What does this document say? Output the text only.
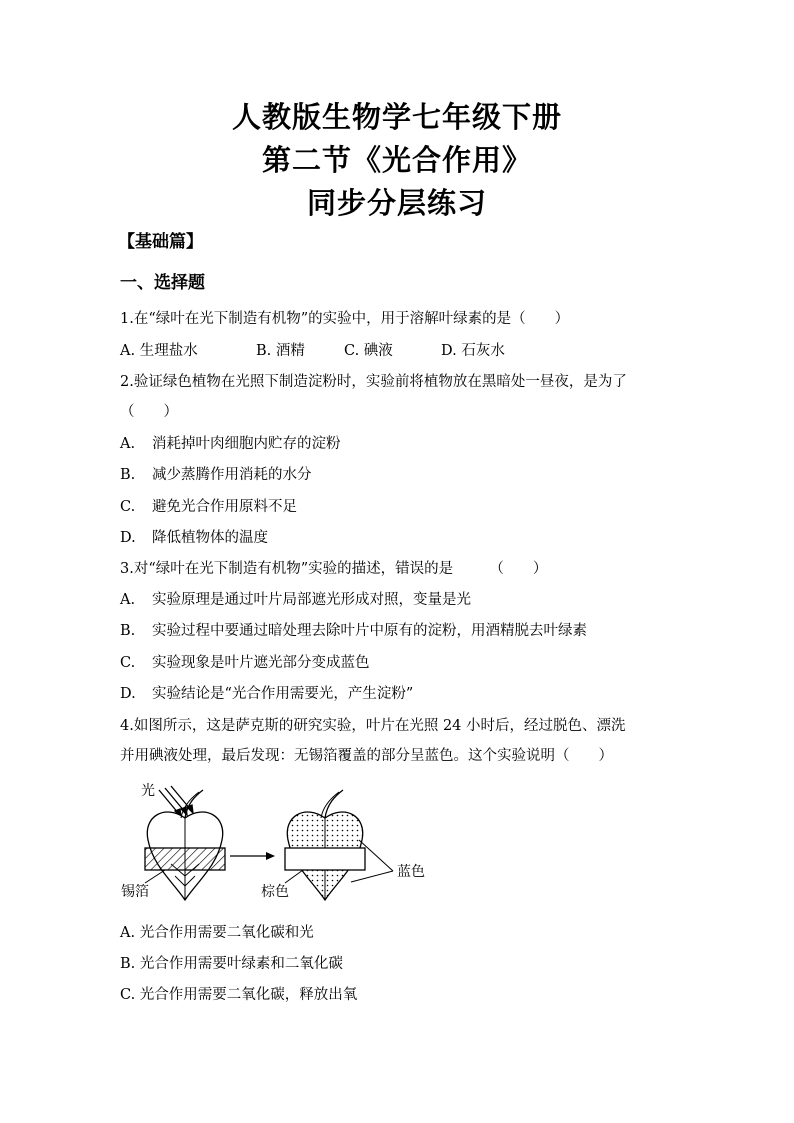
人教版生物学七年级下册
第二节《光合作用》
同步分层练习
【基础篇】
一、选择题
1.在“绿叶在光下制造有机物”的实验中，用于溶解叶绿素的是（　　）
A. 生理盐水	B. 酒精	C. 碘液	D. 石灰水
2.验证绿色植物在光照下制造淀粉时，实验前将植物放在黑暗处一昼夜，是为了
（　　）
A. 消耗掉叶肉细胞内贮存的淀粉
B. 减少蒸腾作用消耗的水分
C. 避免光合作用原料不足
D. 降低植物体的温度
3.对“绿叶在光下制造有机物”实验的描述，错误的是　　　（　　）
A. 实验原理是通过叶片局部遮光形成对照，变量是光
B. 实验过程中要通过暗处理去除叶片中原有的淀粉，用酒精脱去叶绿素
C. 实验现象是叶片遮光部分变成蓝色
D. 实验结论是“光合作用需要光，产生淀粉”
4.如图所示，这是萨克斯的研究实验，叶片在光照 24 小时后，经过脱色、漂洗
并用碘液处理，最后发现：无锡箔覆盖的部分呈蓝色。这个实验说明（　　）
光
锡箔	棕色
蓝色
A. 光合作用需要二氧化碳和光
B. 光合作用需要叶绿素和二氧化碳
C. 光合作用需要二氧化碳，释放出氧
